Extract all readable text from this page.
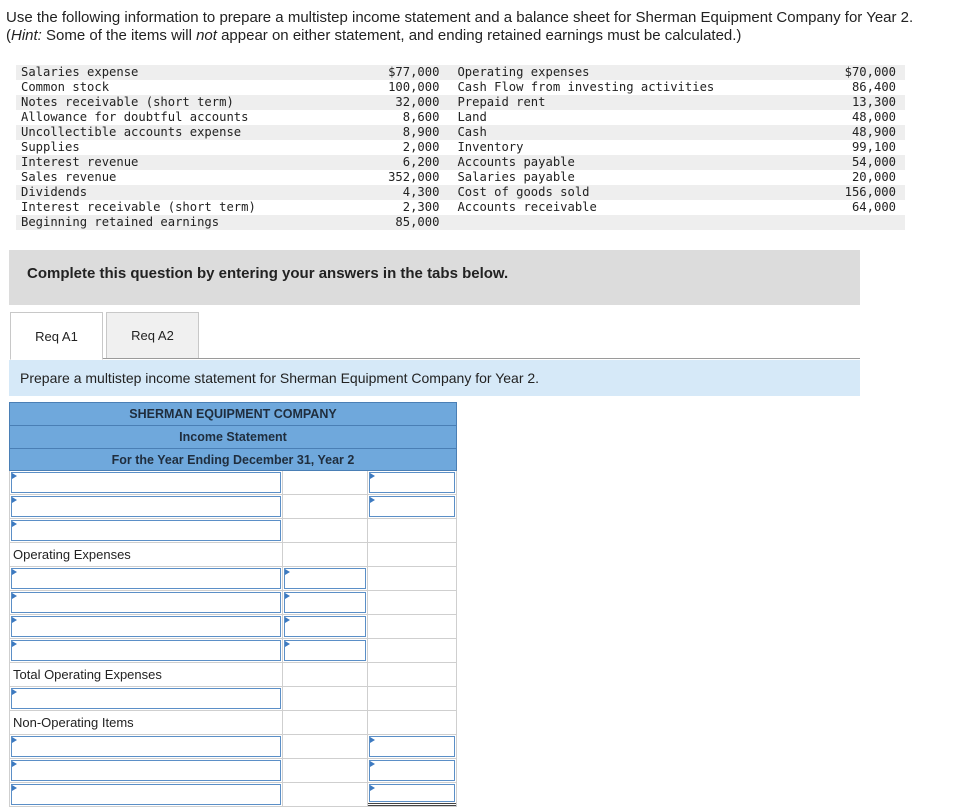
Use the following information to prepare a multistep income statement and a balance sheet for Sherman Equipment Company for Year 2. (Hint: Some of the items will not appear on either statement, and ending retained earnings must be calculated.)
Salaries expense	$77,000	Operating expenses	$70,000
Common stock	100,000	Cash Flow from investing activities	86,400
Notes receivable (short term)	32,000	Prepaid rent	13,300
Allowance for doubtful accounts	8,600	Land	48,000
Uncollectible accounts expense	8,900	Cash	48,900
Supplies	2,000	Inventory	99,100
Interest revenue	6,200	Accounts payable	54,000
Sales revenue	352,000	Salaries payable	20,000
Dividends	4,300	Cost of goods sold	156,000
Interest receivable (short term)	2,300	Accounts receivable	64,000
Beginning retained earnings	85,000		
Complete this question by entering your answers in the tabs below.
Req A1	Req A2
Prepare a multistep income statement for Sherman Equipment Company for Year 2.
SHERMAN EQUIPMENT COMPANY
Income Statement
For the Year Ending December 31, Year 2
Operating Expenses
Total Operating Expenses
Non-Operating Items
